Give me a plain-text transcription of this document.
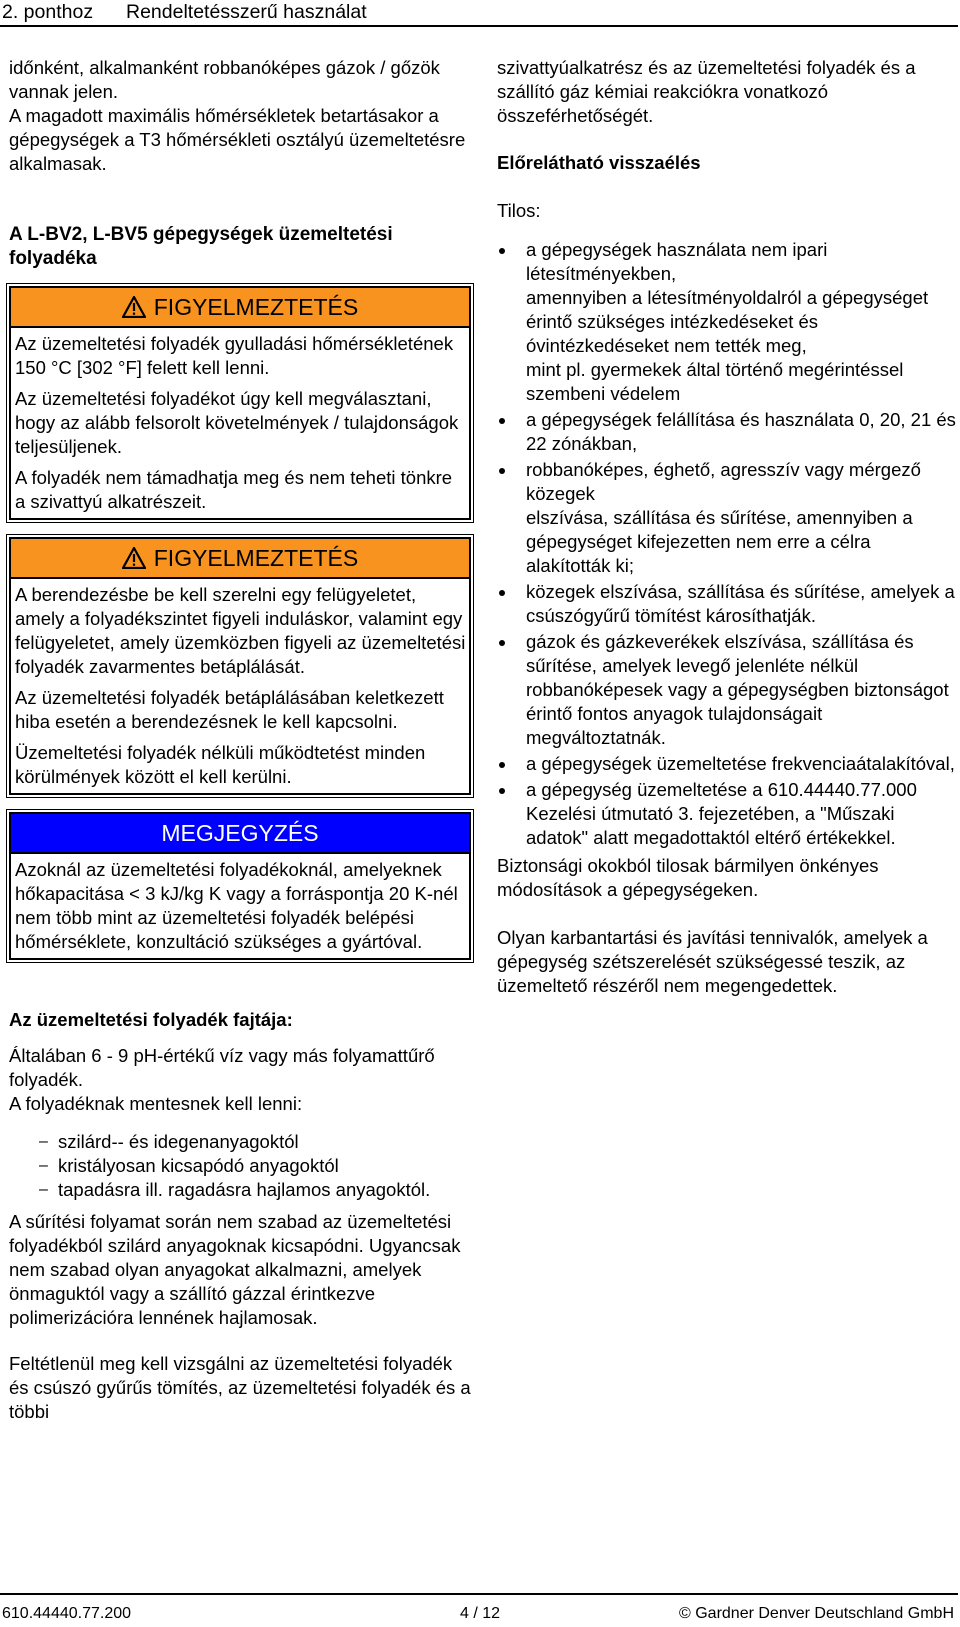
2. ponthoz Rendeltetésszerű használat

időnként, alkalmanként robbanóképes gázok / gőzök vannak jelen.
A magadott maximális hőmérsékletek betartásakor a gépegységek a T3 hőmérsékleti osztályú üzemeltetésre alkalmasak.

A L-BV2, L-BV5 gépegységek üzemeltetési folyadéka

FIGYELMEZTETÉS

Az üzemeltetési folyadék gyulladási hőmérsékletének 150 °C [302 °F] felett kell lenni.

Az üzemeltetési folyadékot úgy kell megválasztani, hogy az alább felsorolt követelmények / tulajdonságok teljesüljenek.

A folyadék nem támadhatja meg és nem teheti tönkre a szivattyú alkatrészeit.

FIGYELMEZTETÉS

A berendezésbe be kell szerelni egy felügyeletet, amely a folyadékszintet figyeli induláskor, valamint egy felügyeletet, amely üzemközben figyeli az üzemeltetési folyadék zavarmentes betáplálását.

Az üzemeltetési folyadék betáplálásában keletkezett hiba esetén a berendezésnek le kell kapcsolni.

Üzemeltetési folyadék nélküli működtetést minden körülmények között el kell kerülni.

MEGJEGYZÉS

Azoknál az üzemeltetési folyadékoknál, amelyeknek hőkapacitása < 3 kJ/kg K vagy a forráspontja 20 K-nél nem több mint az üzemeltetési folyadék belépési hőmérséklete, konzultáció szükséges a gyártóval.

Az üzemeltetési folyadék fajtája:

Általában 6 - 9 pH-értékű víz vagy más folyamattűrő folyadék.
A folyadéknak mentesnek kell lenni:

– szilárd-- és idegenanyagoktól
– kristályosan kicsapódó anyagoktól
– tapadásra ill. ragadásra hajlamos anyagoktól.

A sűrítési folyamat során nem szabad az üzemeltetési folyadékból szilárd anyagoknak kicsapódni. Ugyancsak nem szabad olyan anyagokat alkalmazni, amelyek önmaguktól vagy a szállító gázzal érintkezve polimerizációra lennének hajlamosak.

Feltétlenül meg kell vizsgálni az üzemeltetési folyadék és csúszó gyűrűs tömítés, az üzemeltetési folyadék és a többi

szivattyúalkatrész és az üzemeltetési folyadék és a szállító gáz kémiai reakciókra vonatkozó összeférhetőségét.

Előrelátható visszaélés

Tilos:

a gépegységek használata nem ipari létesítményekben,
amennyiben a létesítményoldalról a gépegységet érintő szükséges intézkedéseket és óvintézkedéseket nem tették meg,
mint pl. gyermekek által történő megérintéssel szembeni védelem
a gépegységek felállítása és használata 0, 20, 21 és 22 zónákban,
robbanóképes, éghető, agresszív vagy mérgező közegek
elszívása, szállítása és sűrítése, amennyiben a gépegységet kifejezetten nem erre a célra alakították ki;
közegek elszívása, szállítása és sűrítése, amelyek a csúszógyűrű tömítést károsíthatják.
gázok és gázkeverékek elszívása, szállítása és sűrítése, amelyek levegő jelenléte nélkül robbanóképesek vagy a gépegységben biztonságot érintő fontos anyagok tulajdonságait megváltoztatnák.
a gépegységek üzemeltetése frekvenciaátalakítóval,
a gépegység üzemeltetése a 610.44440.77.000 Kezelési útmutató 3. fejezetében, a "Műszaki adatok" alatt megadottaktól eltérő értékekkel.

Biztonsági okokból tilosak bármilyen önkényes módosítások a gépegységeken.

Olyan karbantartási és javítási tennivalók, amelyek a gépegység szétszerelését szükségessé teszik, az üzemeltető részéről nem megengedettek.

610.44440.77.200	4 / 12	© Gardner Denver Deutschland GmbH
